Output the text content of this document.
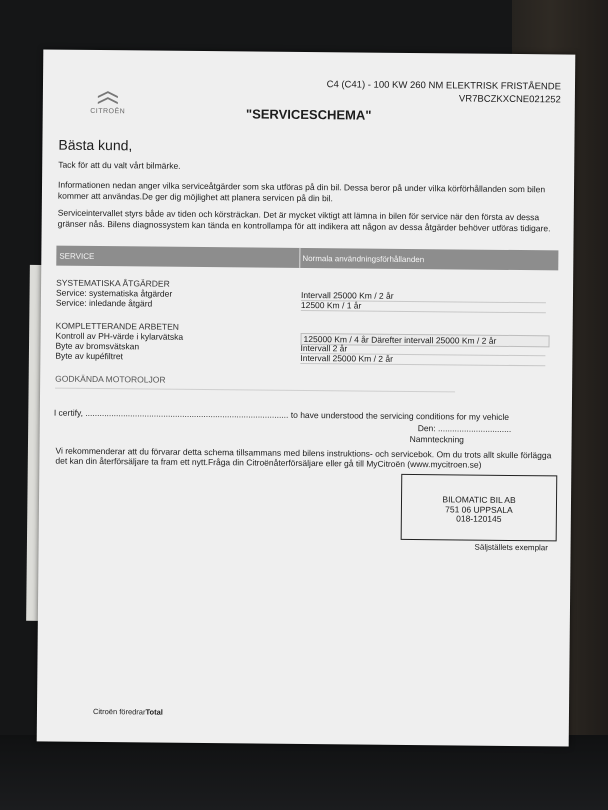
C4 (C41) - 100 KW 260 NM ELEKTRISK FRISTÅENDE
VR7BCZKXCNE021252
CITROËN	"SERVICESCHEMA"
Bästa kund,
Tack för att du valt vårt bilmärke.
Informationen nedan anger vilka serviceåtgärder som ska utföras på din bil. Dessa beror på under vilka körförhållanden som bilen kommer att användas.De ger dig möjlighet att planera servicen på din bil.
Serviceintervallet styrs både av tiden och körsträckan. Det är mycket viktigt att lämna in bilen för service när den första av dessa gränser nås. Bilens diagnossystem kan tända en kontrollampa för att indikera att någon av dessa åtgärder behöver utföras tidigare.
SERVICE	Normala användningsförhållanden
SYSTEMATISKA ÅTGÄRDER
Service: systematiska åtgärder	Intervall 25000 Km / 2 år
Service: inledande åtgärd	12500 Km / 1 år
KOMPLETTERANDE ARBETEN
Kontroll av PH-värde i kylarvätska	125000 Km / 4 år Därefter intervall 25000 Km / 2 år
Byte av bromsvätskan	Intervall 2 år
Byte av kupéfiltret	Intervall 25000 Km / 2 år
GODKÄNDA MOTOROLJOR
I certify, ...................................................................................... to have understood the servicing conditions for my vehicle
Den: ...............................
Namnteckning
Vi rekommenderar att du förvarar detta schema tillsammans med bilens instruktions- och servicebok. Om du trots allt skulle förlägga det kan din återförsäljare ta fram ett nytt.Fråga din Citroënåterförsäljare eller gå till MyCitroën (www.mycitroen.se)
BILOMATIC BIL AB
751 06 UPPSALA
018-120145
Säljställets exemplar
Citroën föredrarTotal
